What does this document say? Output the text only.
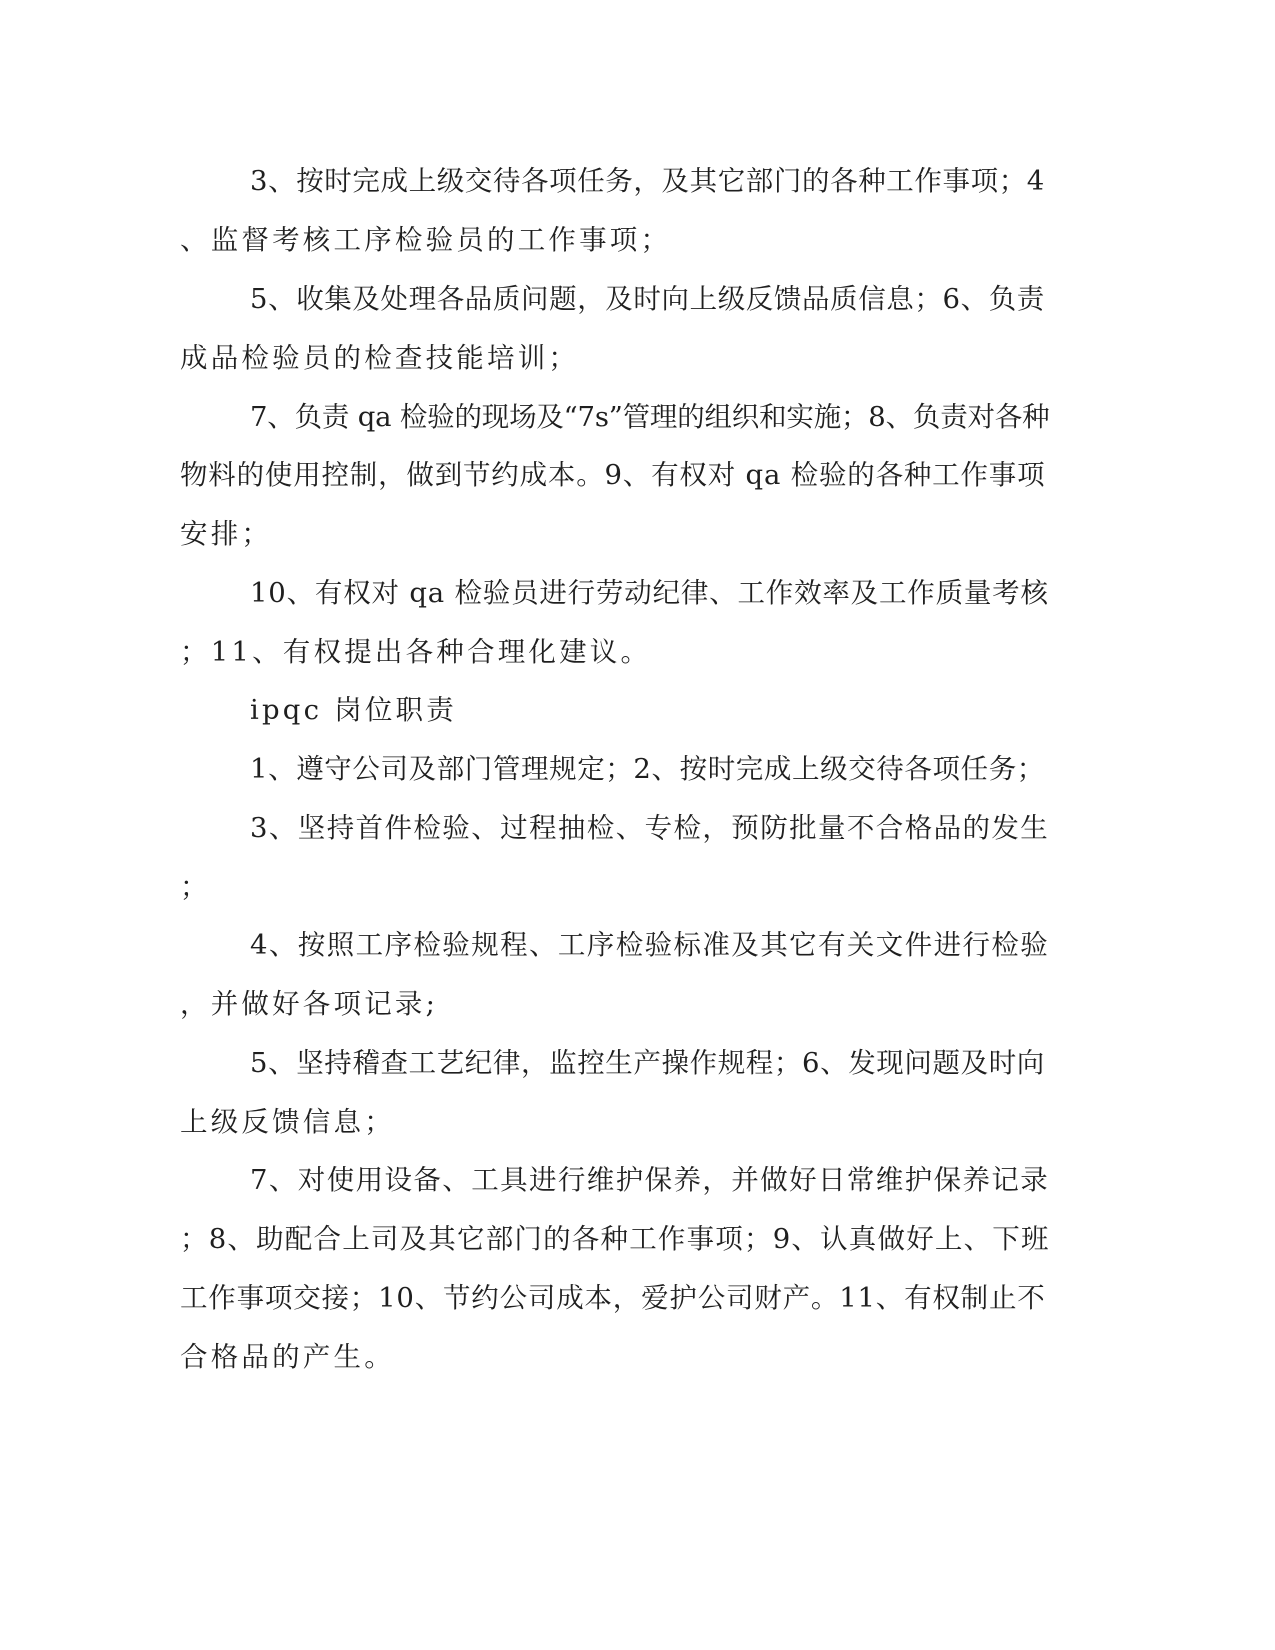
3、按时完成上级交待各项任务，及其它部门的各种工作事项；4

、监督考核工序检验员的工作事项；

5、收集及处理各品质问题，及时向上级反馈品质信息；6、负责

成品检验员的检查技能培训；

7、负责 qa 检验的现场及“7s”管理的组织和实施；8、负责对各种

物料的使用控制，做到节约成本。9、有权对 qa 检验的各种工作事项

安排；

10、有权对 qa 检验员进行劳动纪律、工作效率及工作质量考核

；11、有权提出各种合理化建议。

ipqc 岗位职责

1、遵守公司及部门管理规定；2、按时完成上级交待各项任务；

3、坚持首件检验、过程抽检、专检，预防批量不合格品的发生

；

4、按照工序检验规程、工序检验标准及其它有关文件进行检验

，并做好各项记录;

5、坚持稽查工艺纪律，监控生产操作规程；6、发现问题及时向

上级反馈信息；

7、对使用设备、工具进行维护保养，并做好日常维护保养记录

；8、助配合上司及其它部门的各种工作事项；9、认真做好上、下班

工作事项交接；10、节约公司成本，爱护公司财产。11、有权制止不

合格品的产生。
